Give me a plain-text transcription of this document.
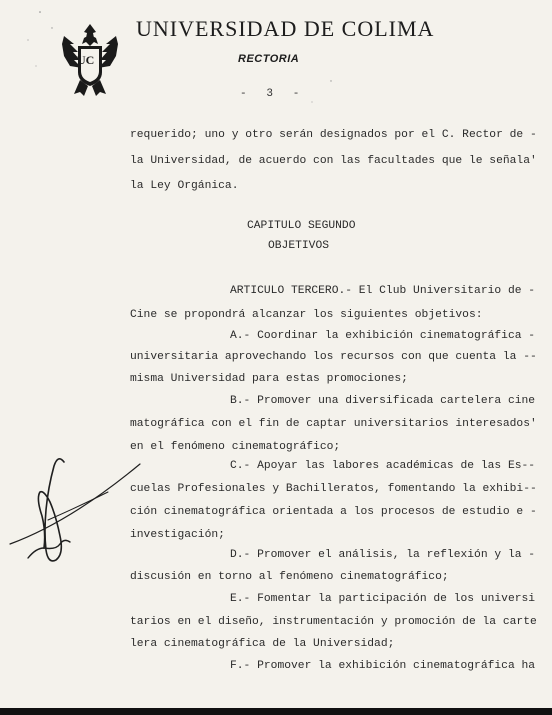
UC
UNIVERSIDAD DE COLIMA
RECTORIA
-   3   -
requerido; uno y otro serán designados por el C. Rector de -
la Universidad, de acuerdo con las facultades que le señala'
la Ley Orgánica.
CAPITULO SEGUNDO
OBJETIVOS
ARTICULO TERCERO.- El Club Universitario de -
Cine se propondrá alcanzar los siguientes objetivos:
A.- Coordinar la exhibición cinematográfica -
universitaria aprovechando los recursos con que cuenta la --
misma Universidad para estas promociones;
B.- Promover una diversificada cartelera cine
matográfica con el fin de captar universitarios interesados'
en el fenómeno cinematográfico;
C.- Apoyar las labores académicas de las Es--
cuelas Profesionales y Bachilleratos, fomentando la exhibi--
ción cinematográfica orientada a los procesos de estudio e -
investigación;
D.- Promover el análisis, la reflexión y la -
discusión en torno al fenómeno cinematográfico;
E.- Fomentar la participación de los universi
tarios en el diseño, instrumentación y promoción de la carte
lera cinematográfica de la Universidad;
F.- Promover la exhibición cinematográfica ha
